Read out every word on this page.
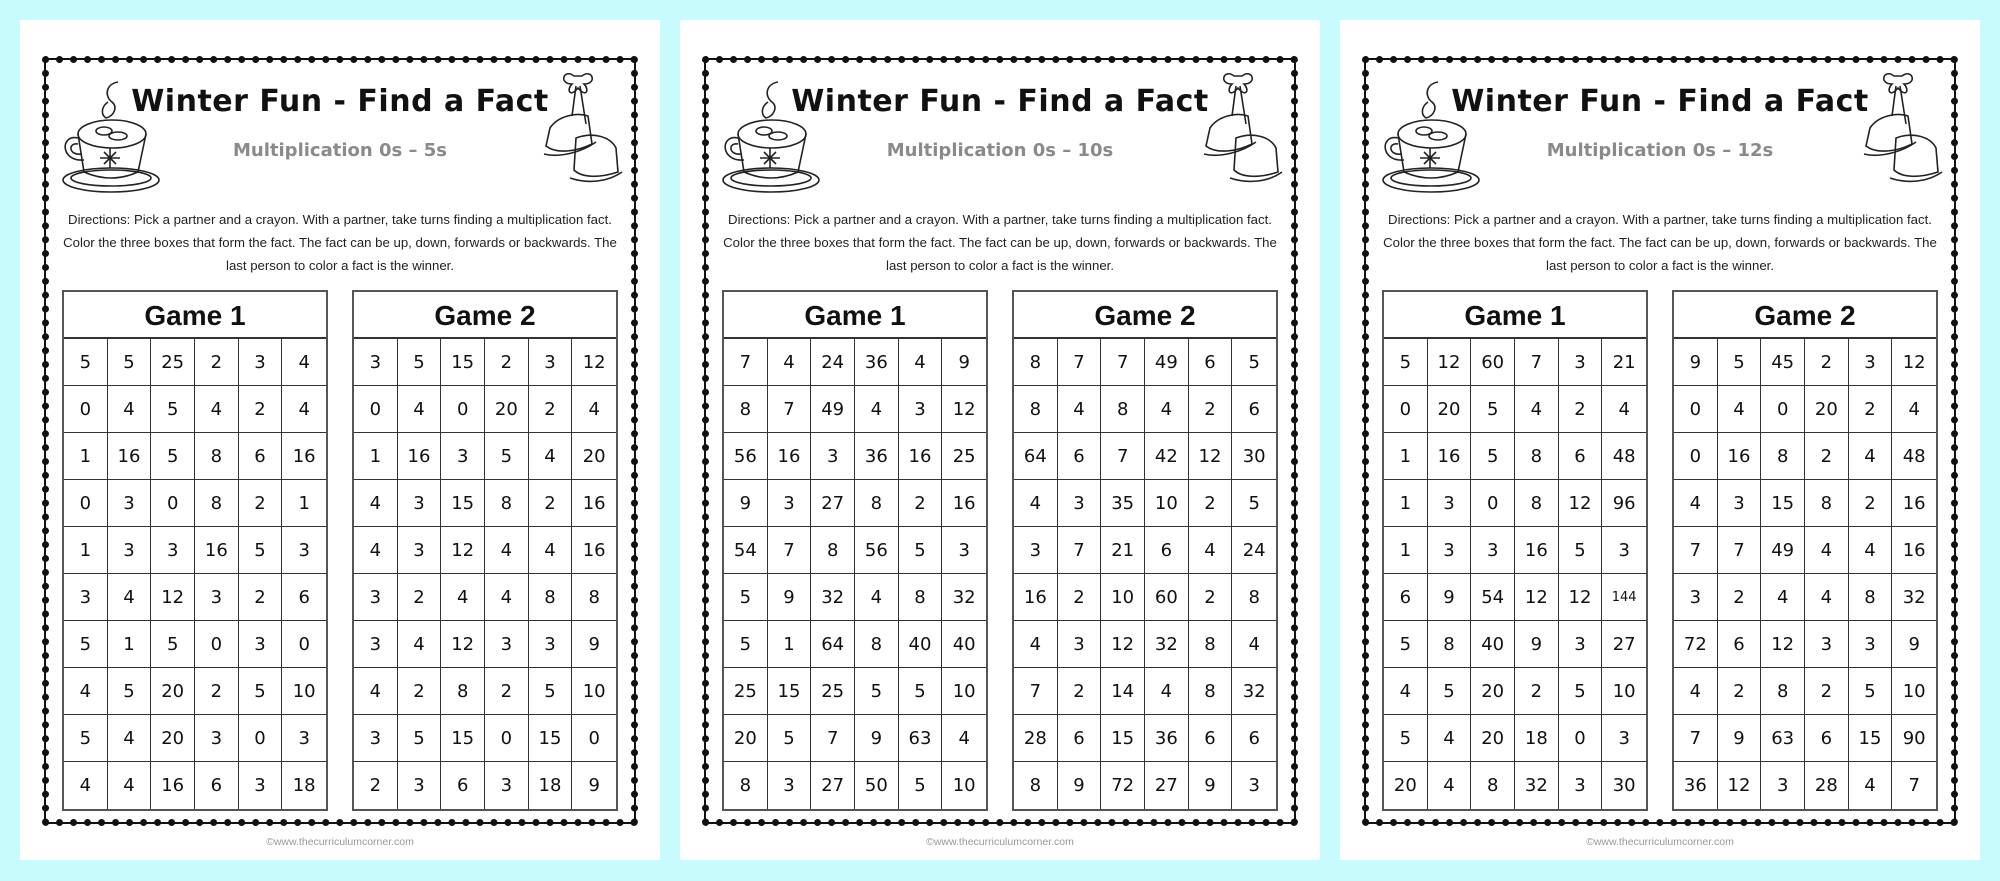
Winter Fun - Find a Fact
Multiplication 0s – 5s
Directions: Pick a partner and a crayon. With a partner, take turns finding a multiplication fact. Color the three boxes that form the fact. The fact can be up, down, forwards or backwards. The last person to color a fact is the winner.
Game 1
5	5	25	2	3	4
0	4	5	4	2	4
1	16	5	8	6	16
0	3	0	8	2	1
1	3	3	16	5	3
3	4	12	3	2	6
5	1	5	0	3	0
4	5	20	2	5	10
5	4	20	3	0	3
4	4	16	6	3	18
Game 2
3	5	15	2	3	12
0	4	0	20	2	4
1	16	3	5	4	20
4	3	15	8	2	16
4	3	12	4	4	16
3	2	4	4	8	8
3	4	12	3	3	9
4	2	8	2	5	10
3	5	15	0	15	0
2	3	6	3	18	9
©www.thecurriculumcorner.com
Winter Fun - Find a Fact
Multiplication 0s – 10s
Directions: Pick a partner and a crayon. With a partner, take turns finding a multiplication fact. Color the three boxes that form the fact. The fact can be up, down, forwards or backwards. The last person to color a fact is the winner.
Game 1
7	4	24	36	4	9
8	7	49	4	3	12
56	16	3	36	16	25
9	3	27	8	2	16
54	7	8	56	5	3
5	9	32	4	8	32
5	1	64	8	40	40
25	15	25	5	5	10
20	5	7	9	63	4
8	3	27	50	5	10
Game 2
8	7	7	49	6	5
8	4	8	4	2	6
64	6	7	42	12	30
4	3	35	10	2	5
3	7	21	6	4	24
16	2	10	60	2	8
4	3	12	32	8	4
7	2	14	4	8	32
28	6	15	36	6	6
8	9	72	27	9	3
©www.thecurriculumcorner.com
Winter Fun - Find a Fact
Multiplication 0s – 12s
Directions: Pick a partner and a crayon. With a partner, take turns finding a multiplication fact. Color the three boxes that form the fact. The fact can be up, down, forwards or backwards. The last person to color a fact is the winner.
Game 1
5	12	60	7	3	21
0	20	5	4	2	4
1	16	5	8	6	48
1	3	0	8	12	96
1	3	3	16	5	3
6	9	54	12	12	144
5	8	40	9	3	27
4	5	20	2	5	10
5	4	20	18	0	3
20	4	8	32	3	30
Game 2
9	5	45	2	3	12
0	4	0	20	2	4
0	16	8	2	4	48
4	3	15	8	2	16
7	7	49	4	4	16
3	2	4	4	8	32
72	6	12	3	3	9
4	2	8	2	5	10
7	9	63	6	15	90
36	12	3	28	4	7
©www.thecurriculumcorner.com
